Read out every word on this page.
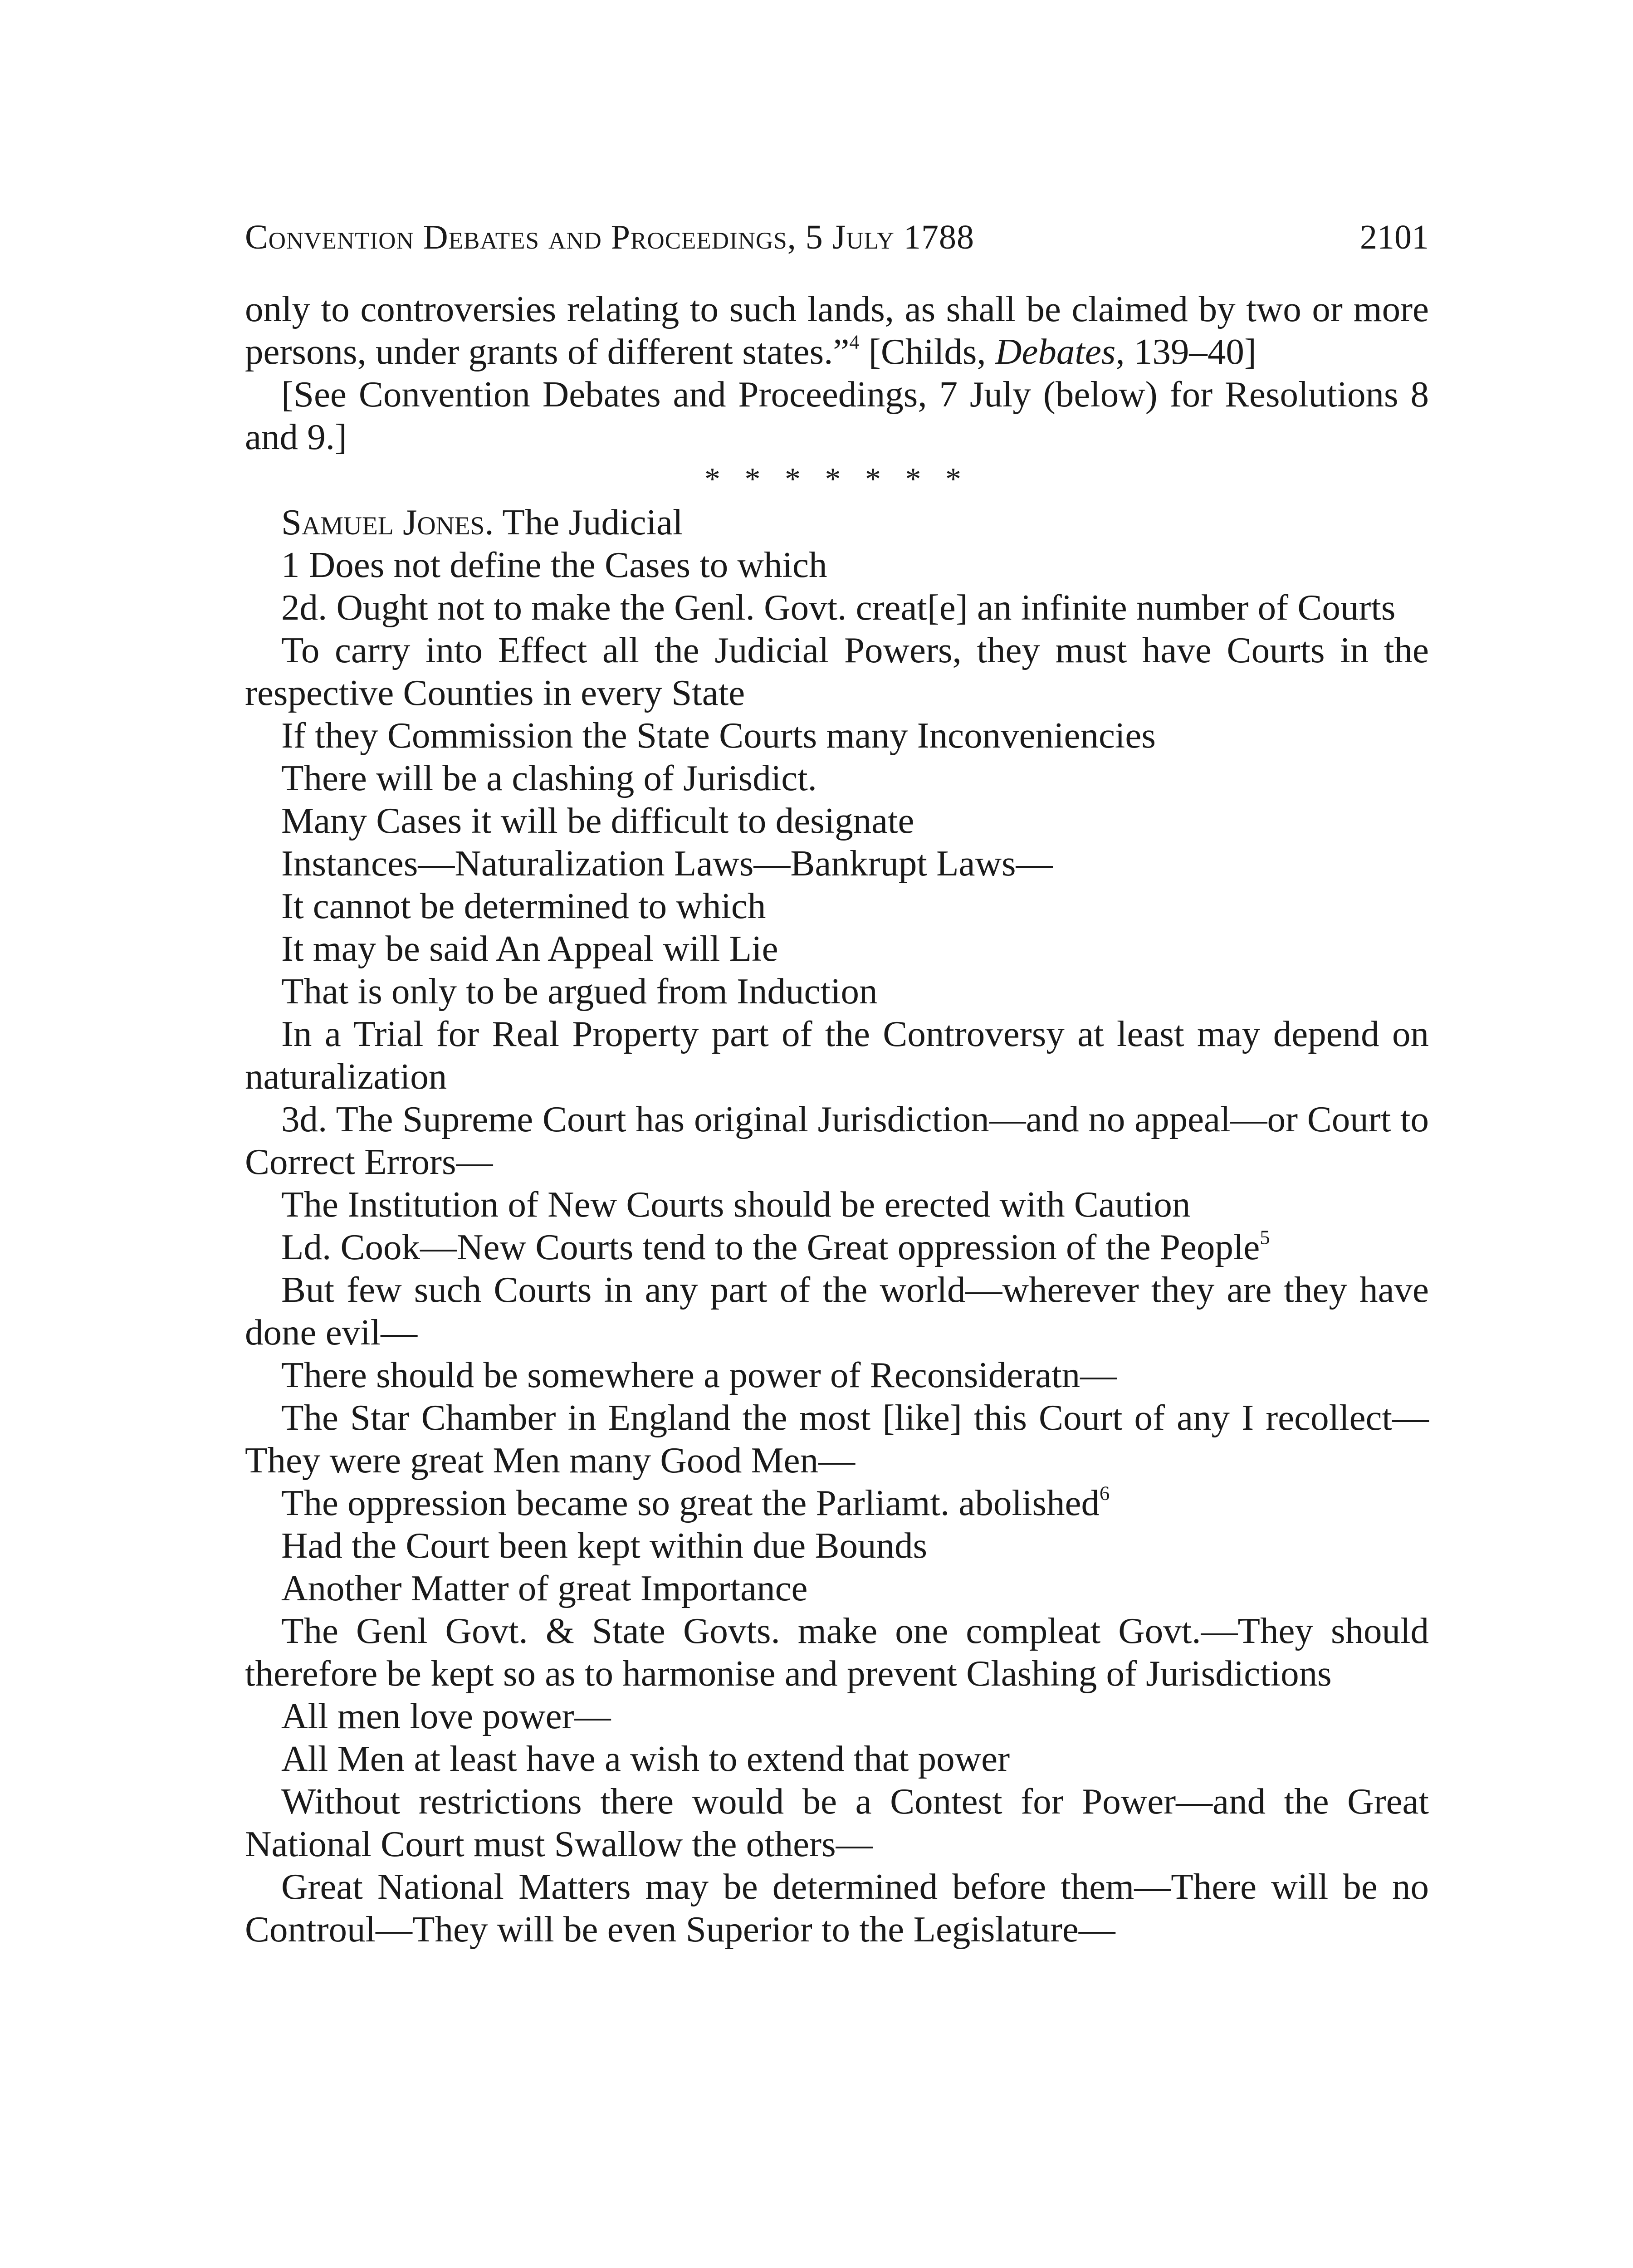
Convention Debates and Proceedings, 5 July 1788	2101

only to controversies relating to such lands, as shall be claimed by two or more persons, under grants of different states.”$^4$ [Childs, Debates, 139–40]

[See Convention Debates and Proceedings, 7 July (below) for Resolutions 8 and 9.]

* * * * * * *

Samuel Jones. The Judicial

1 Does not define the Cases to which

2d. Ought not to make the Genl. Govt. creat[e] an infinite number of Courts

To carry into Effect all the Judicial Powers, they must have Courts in the respective Counties in every State

If they Commission the State Courts many Inconveniencies

There will be a clashing of Jurisdict.

Many Cases it will be difficult to designate

Instances—Naturalization Laws—Bankrupt Laws—

It cannot be determined to which

It may be said An Appeal will Lie

That is only to be argued from Induction

In a Trial for Real Property part of the Controversy at least may depend on naturalization

3d. The Supreme Court has original Jurisdiction—and no appeal—or Court to Correct Errors—

The Institution of New Courts should be erected with Caution

Ld. Cook—New Courts tend to the Great oppression of the People$^5$

But few such Courts in any part of the world—wherever they are they have done evil—

There should be somewhere a power of Reconsideratn—

The Star Chamber in England the most [like] this Court of any I recollect—They were great Men many Good Men—

The oppression became so great the Parliamt. abolished$^6$

Had the Court been kept within due Bounds

Another Matter of great Importance

The Genl Govt. & State Govts. make one compleat Govt.—They should therefore be kept so as to harmonise and prevent Clashing of Jurisdictions

All men love power—

All Men at least have a wish to extend that power

Without restrictions there would be a Contest for Power—and the Great National Court must Swallow the others—

Great National Matters may be determined before them—There will be no Controul—They will be even Superior to the Legislature—
